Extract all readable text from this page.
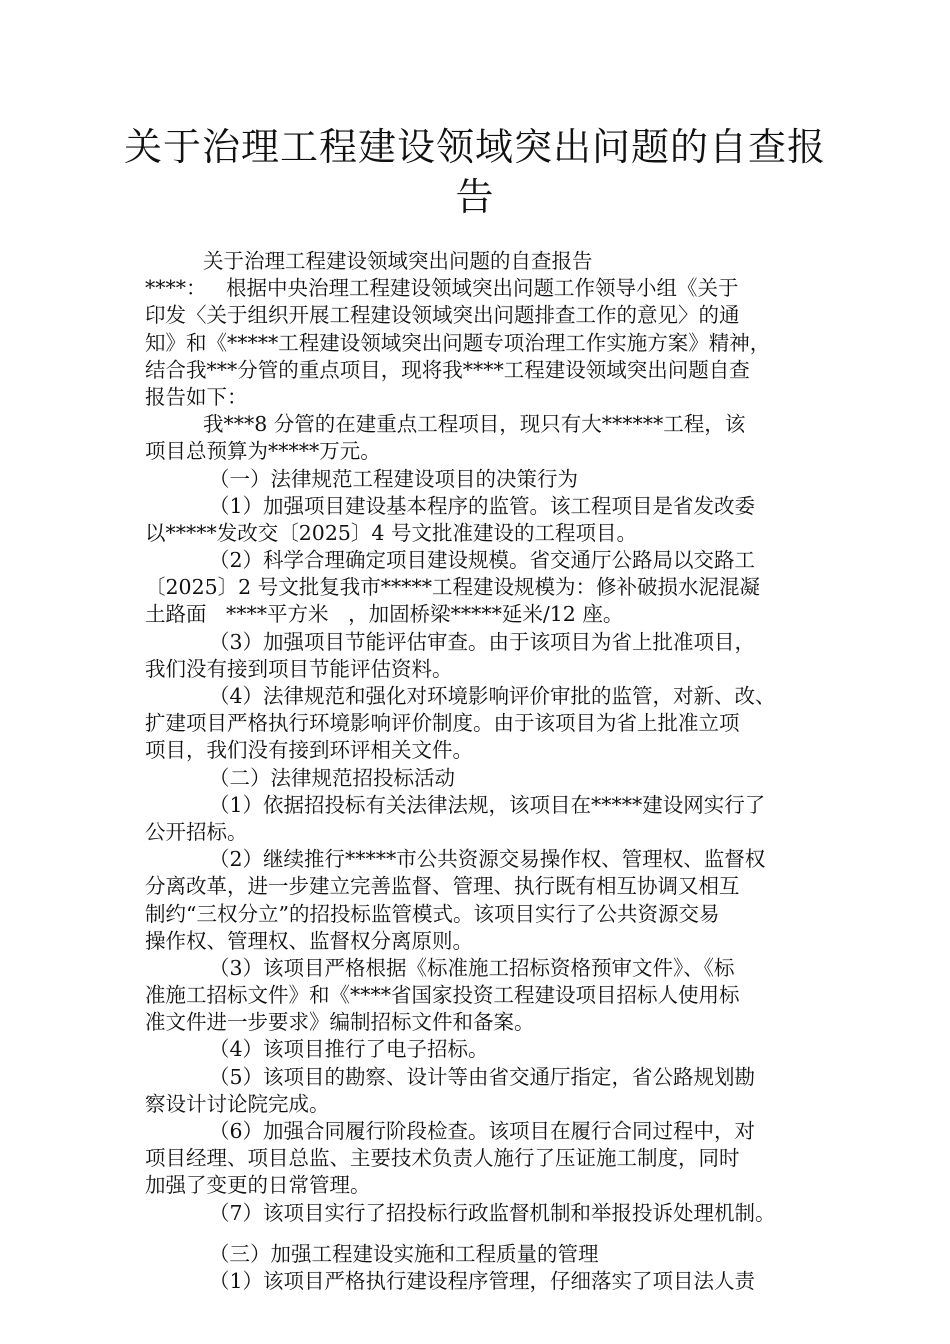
关于治理工程建设领域突出问题的自查报
告
关于治理工程建设领域突出问题的自查报告
****：   根据中央治理工程建设领域突出问题工作领导小组《关于
印发〈关于组织开展工程建设领域突出问题排查工作的意见〉的通
知》和《*****工程建设领域突出问题专项治理工作实施方案》精神，
结合我***分管的重点项目，现将我****工程建设领域突出问题自查
报告如下：
我***8 分管的在建重点工程项目，现只有大******工程，该
项目总预算为*****万元。
（一）法律规范工程建设项目的决策行为
（1）加强项目建设基本程序的监管。该工程项目是省发改委
以*****发改交〔2025〕4 号文批准建设的工程项目。
（2）科学合理确定项目建设规模。省交通厅公路局以交路工
〔2025〕2 号文批复我市*****工程建设规模为：修补破损水泥混凝
土路面   ****平方米   ，加固桥梁*****延米/12 座。
（3）加强项目节能评估审查。由于该项目为省上批准项目，
我们没有接到项目节能评估资料。
（4）法律规范和强化对环境影响评价审批的监管，对新、改、
扩建项目严格执行环境影响评价制度。由于该项目为省上批准立项
项目，我们没有接到环评相关文件。
（二）法律规范招投标活动
（1）依据招投标有关法律法规，该项目在*****建设网实行了
公开招标。
（2）继续推行*****市公共资源交易操作权、管理权、监督权
分离改革，进一步建立完善监督、管理、执行既有相互协调又相互
制约“三权分立”的招投标监管模式。该项目实行了公共资源交易
操作权、管理权、监督权分离原则。
（3）该项目严格根据《标准施工招标资格预审文件》、《标
准施工招标文件》和《****省国家投资工程建设项目招标人使用标
准文件进一步要求》编制招标文件和备案。
（4）该项目推行了电子招标。
（5）该项目的勘察、设计等由省交通厅指定，省公路规划勘
察设计讨论院完成。
（6）加强合同履行阶段检查。该项目在履行合同过程中，对
项目经理、项目总监、主要技术负责人施行了压证施工制度，同时
加强了变更的日常管理。
（7）该项目实行了招投标行政监督机制和举报投诉处理机制。
（三）加强工程建设实施和工程质量的管理
（1）该项目严格执行建设程序管理，仔细落实了项目法人责
